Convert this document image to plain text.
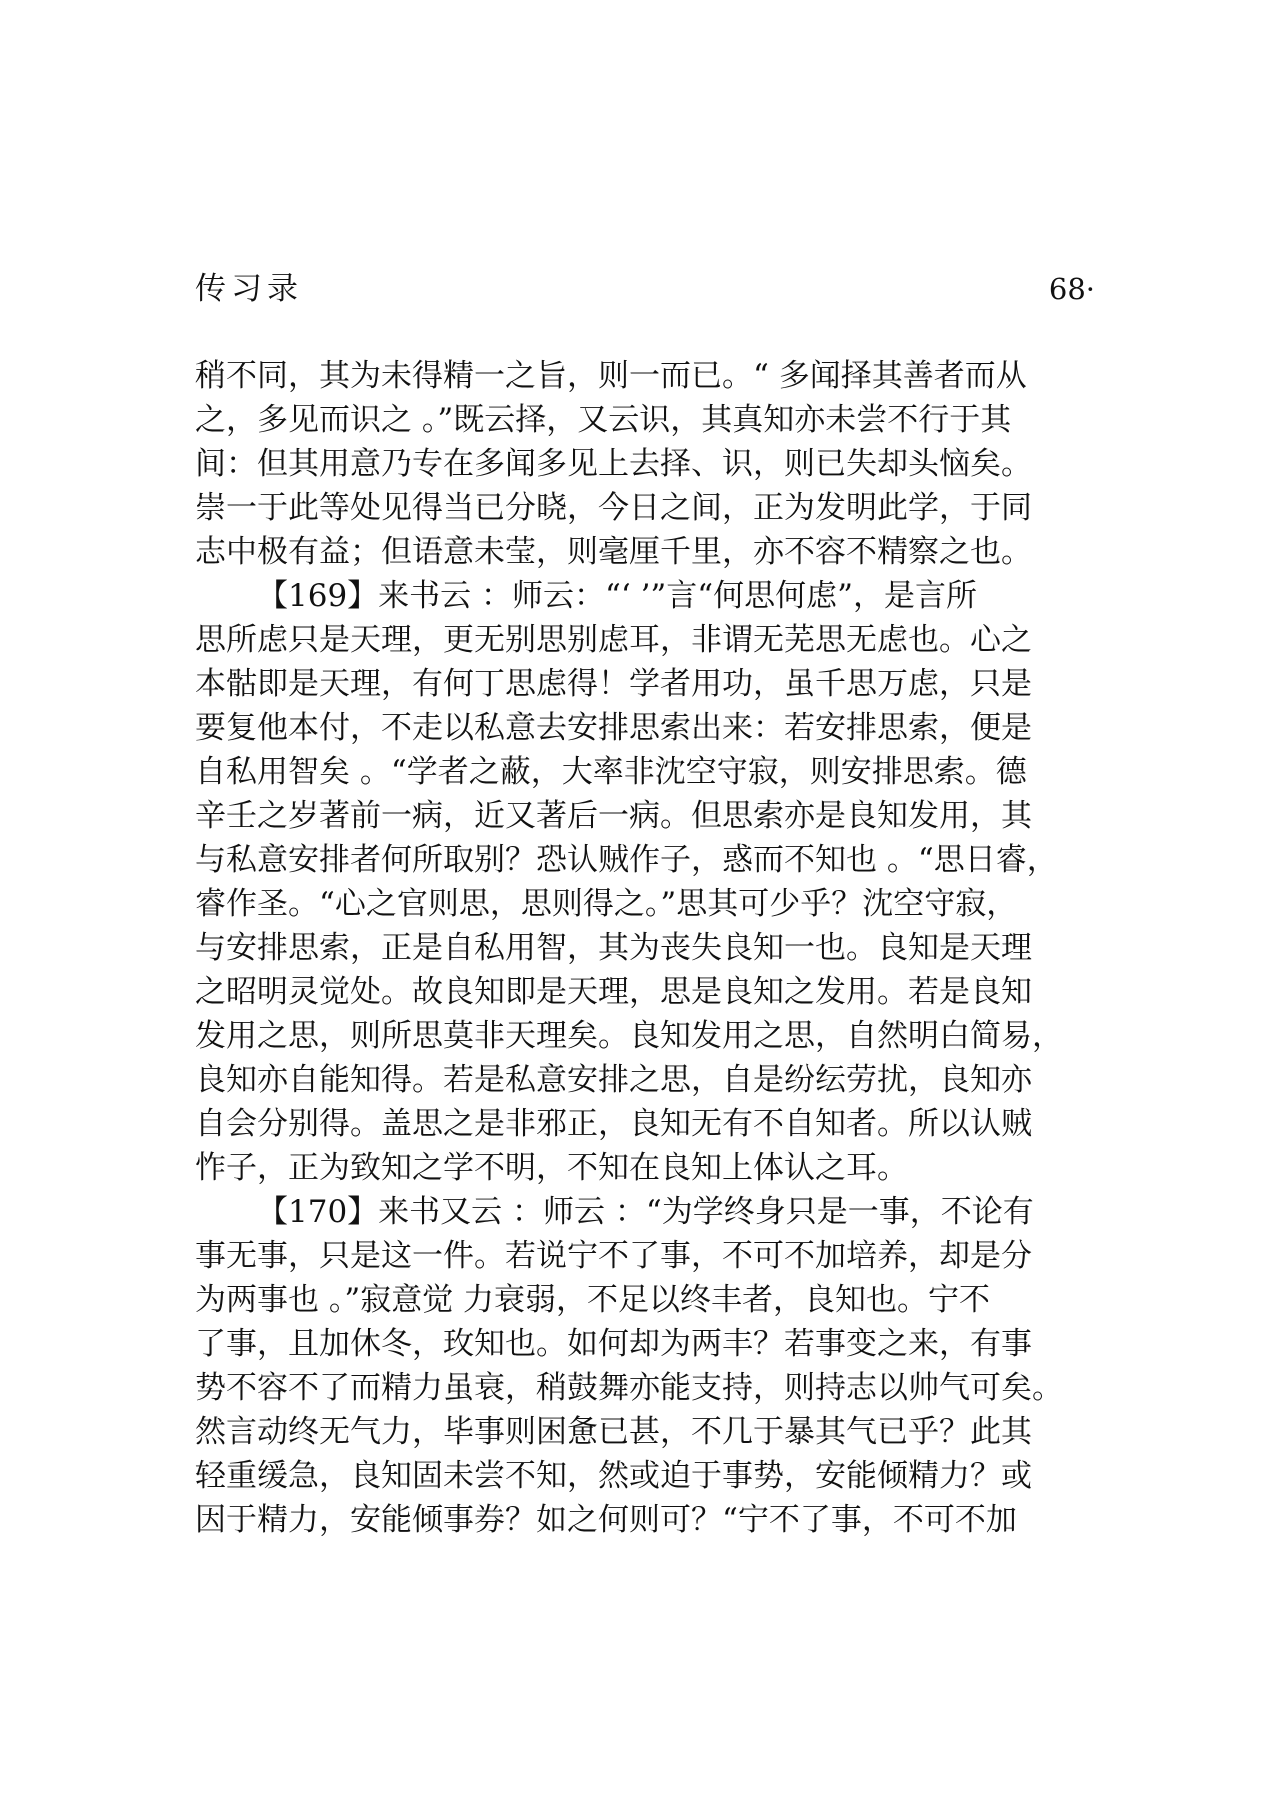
传习录	68·
稍不同，其为未得精一之旨，则一而已。“ 多闻择其善者而从
之，多见而识之 。”既云择，又云识，其真知亦未尝不行于其
间：但其用意乃专在多闻多见上去择、识，则已失却头恼矣。
崇一于此等处见得当已分晓，今日之间，正为发明此学，于同
志中极有益；但语意未莹，则毫厘千里，亦不容不精察之也。
【169】来书云 ：师云：“‘ ’”言“何思何虑”，是言所
思所虑只是天理，更无别思别虑耳，非谓无芜思无虑也。心之
本骷即是天理，有何丁思虑得！学者用功，虽千思万虑，只是
要复他本付，不走以私意去安排思索出来：若安排思索，便是
自私用智矣 。“学者之蔽，大率非沈空守寂，则安排思索。德
辛壬之岁著前一病，近又著后一病。但思索亦是良知发用，其
与私意安排者何所取别？恐认贼作子，惑而不知也 。“思日睿，
睿作圣。“心之官则思，思则得之。”思其可少乎？沈空守寂，
与安排思索，正是自私用智，其为丧失良知一也。良知是天理
之昭明灵觉处。故良知即是天理，思是良知之发用。若是良知
发用之思，则所思莫非天理矣。良知发用之思，自然明白简易，
良知亦自能知得。若是私意安排之思，自是纷纭劳扰，良知亦
自会分别得。盖思之是非邪正，良知无有不自知者。所以认贼
怍子，正为致知之学不明，不知在良知上体认之耳。
【170】来书又云 ：师云 ：“为学终身只是一事，不论有
事无事，只是这一件。若说宁不了事，不可不加培养，却是分
为两事也 。”寂意觉 力衰弱，不足以终丰者，良知也。宁不
了事，且加休冬，玫知也。如何却为两丰？若事变之来，有事
势不容不了而精力虽衰，稍鼓舞亦能支持，则持志以帅气可矣。
然言动终无气力，毕事则困惫已甚，不几于暴其气已乎？此其
轻重缓急，良知固未尝不知，然或迫于事势，安能倾精力？或
因于精力，安能倾事券？如之何则可？“宁不了事，不可不加
